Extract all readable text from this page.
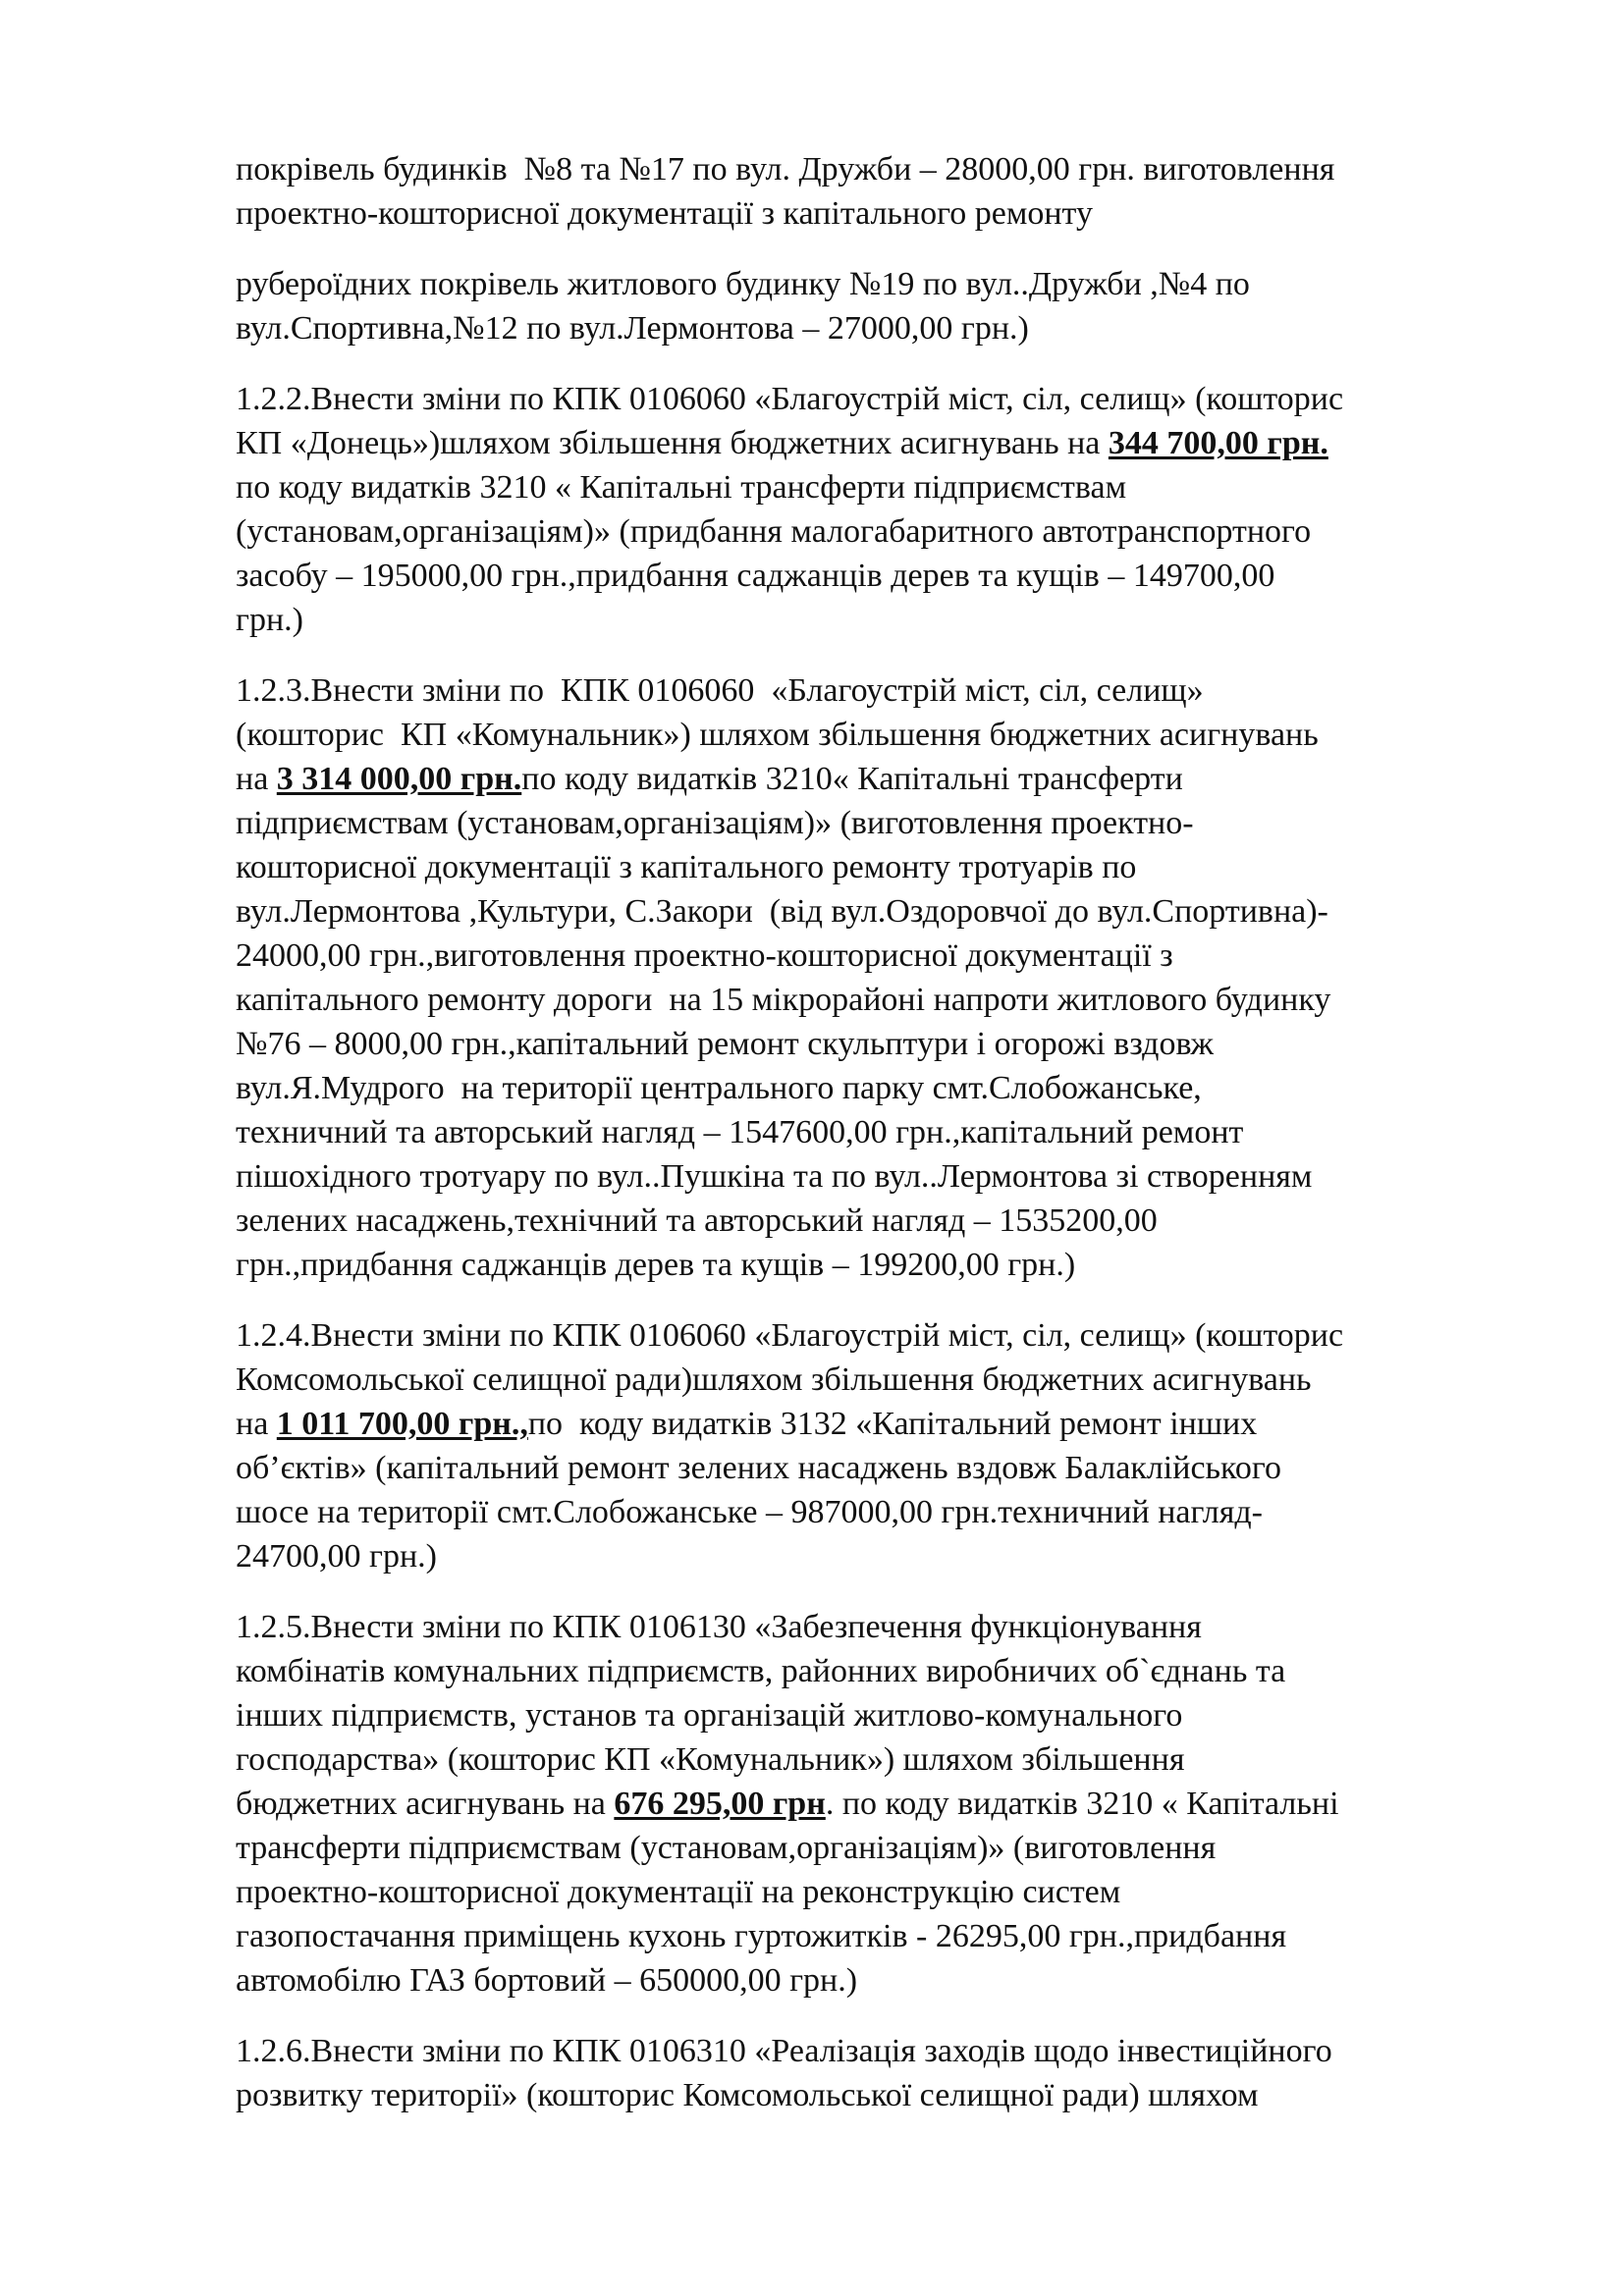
покрівель будинків  №8 та №17 по вул. Дружби – 28000,00 грн. виготовлення
проектно-кошторисної документації з капітального ремонту
рубероїдних покрівель житлового будинку №19 по вул..Дружби ,№4 по
вул.Спортивна,№12 по вул.Лермонтова – 27000,00 грн.)
1.2.2.Внести зміни по КПК 0106060 «Благоустрій міст, сіл, селищ» (кошторис
КП «Донець»)шляхом збільшення бюджетних асигнувань на 344 700,00 грн.
по коду видатків 3210 « Капітальні трансферти підприємствам
(установам,організаціям)» (придбання малогабаритного автотранспортного
засобу – 195000,00 грн.,придбання саджанців дерев та кущів – 149700,00
грн.)
1.2.3.Внести зміни по  КПК 0106060  «Благоустрій міст, сіл, селищ»
(кошторис  КП «Комунальник») шляхом збільшення бюджетних асигнувань
на 3 314 000,00 грн.по коду видатків 3210« Капітальні трансферти
підприємствам (установам,організаціям)» (виготовлення проектно-
кошторисної документації з капітального ремонту тротуарів по
вул.Лермонтова ,Культури, С.Закори  (від вул.Оздоровчої до вул.Спортивна)-
24000,00 грн.,виготовлення проектно-кошторисної документації з
капітального ремонту дороги  на 15 мікрорайоні напроти житлового будинку
№76 – 8000,00 грн.,капітальний ремонт скульптури і огорожі вздовж
вул.Я.Мудрого  на території центрального парку смт.Слобожанське,
техничний та авторський нагляд – 1547600,00 грн.,капітальний ремонт
пішохідного тротуару по вул..Пушкіна та по вул..Лермонтова зі створенням
зелених насаджень,технічний та авторський нагляд – 1535200,00
грн.,придбання саджанців дерев та кущів – 199200,00 грн.)
1.2.4.Внести зміни по КПК 0106060 «Благоустрій міст, сіл, селищ» (кошторис
Комсомольської селищної ради)шляхом збільшення бюджетних асигнувань
на 1 011 700,00 грн.,по  коду видатків 3132 «Капітальний ремонт інших
об’єктів» (капітальний ремонт зелених насаджень вздовж Балаклійського
шосе на території смт.Слобожанське – 987000,00 грн.техничний нагляд-
24700,00 грн.)
1.2.5.Внести зміни по КПК 0106130 «Забезпечення функціонування
комбінатів комунальних підприємств, районних виробничих об`єднань та
інших підприємств, установ та організацій житлово-комунального
господарства» (кошторис КП «Комунальник») шляхом збільшення
бюджетних асигнувань на 676 295,00 грн. по коду видатків 3210 « Капітальні
трансферти підприємствам (установам,організаціям)» (виготовлення
проектно-кошторисної документації на реконструкцію систем
газопостачання приміщень кухонь гуртожитків - 26295,00 грн.,придбання
автомобілю ГАЗ бортовий – 650000,00 грн.)
1.2.6.Внести зміни по КПК 0106310 «Реалізація заходів щодо інвестиційного
розвитку території» (кошторис Комсомольської селищної ради) шляхом
